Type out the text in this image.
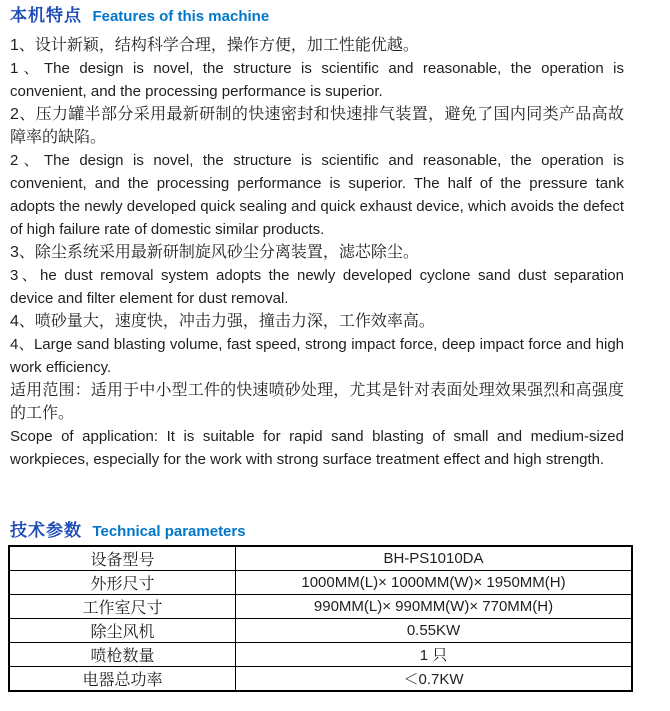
本机特点 Features of this machine

1、设计新颖，结构科学合理，操作方便，加工性能优越。

1、The design is novel, the structure is scientific and reasonable, the operation is convenient, and the processing performance is superior.

2、压力罐半部分采用最新研制的快速密封和快速排气装置，避免了国内同类产品高故障率的缺陷。

2、The design is novel, the structure is scientific and reasonable, the operation is convenient, and the processing performance is superior. The half of the pressure tank adopts the newly developed quick sealing and quick exhaust device, which avoids the defect of high failure rate of domestic similar products.

3、除尘系统采用最新研制旋风砂尘分离装置，滤芯除尘。

3、he dust removal system adopts the newly developed cyclone sand dust separation device and filter element for dust removal.

4、喷砂量大，速度快，冲击力强，撞击力深，工作效率高。

4、Large sand blasting volume, fast speed, strong impact force, deep impact force and high work efficiency.

适用范围：适用于中小型工件的快速喷砂处理，尤其是针对表面处理效果强烈和高强度的工作。

Scope of application: It is suitable for rapid sand blasting of small and medium-sized workpieces, especially for the work with strong surface treatment effect and high strength.

技术参数 Technical parameters
设备型号	BH-PS1010DA
外形尺寸	1000MM(L)× 1000MM(W)× 1950MM(H)
工作室尺寸	990MM(L)× 990MM(W)× 770MM(H)
除尘风机	0.55KW
喷枪数量	1 只
电器总功率	＜0.7KW
